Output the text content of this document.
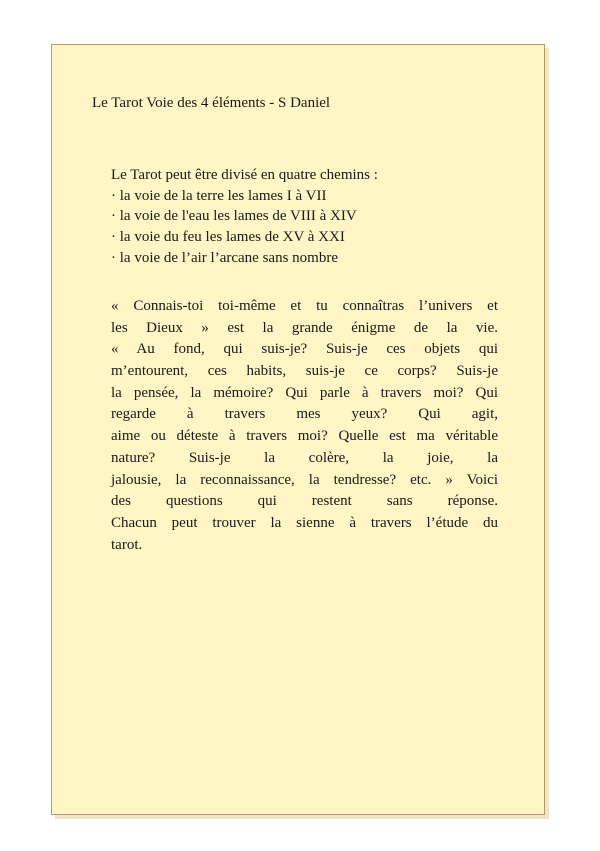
Le Tarot Voie des 4 éléments - S Daniel
Le Tarot peut être divisé en quatre chemins :
· la voie de la terre les lames I à VII
· la voie de l'eau les lames de VIII à XIV
· la voie du feu les lames de XV à XXI
· la voie de l’air l’arcane sans nombre
« Connais-toi toi-même et tu connaîtras l’univers et
les Dieux » est la grande énigme de la vie.
« Au fond, qui suis-je? Suis-je ces objets qui
m’entourent, ces habits, suis-je ce corps? Suis-je
la pensée, la mémoire? Qui parle à travers moi? Qui
regarde à travers mes yeux? Qui agit,
aime ou déteste à travers moi? Quelle est ma véritable
nature? Suis-je la colère, la joie, la
jalousie, la reconnaissance, la tendresse? etc. » Voici
des questions qui restent sans réponse.
Chacun peut trouver la sienne à travers l’étude du
tarot.
